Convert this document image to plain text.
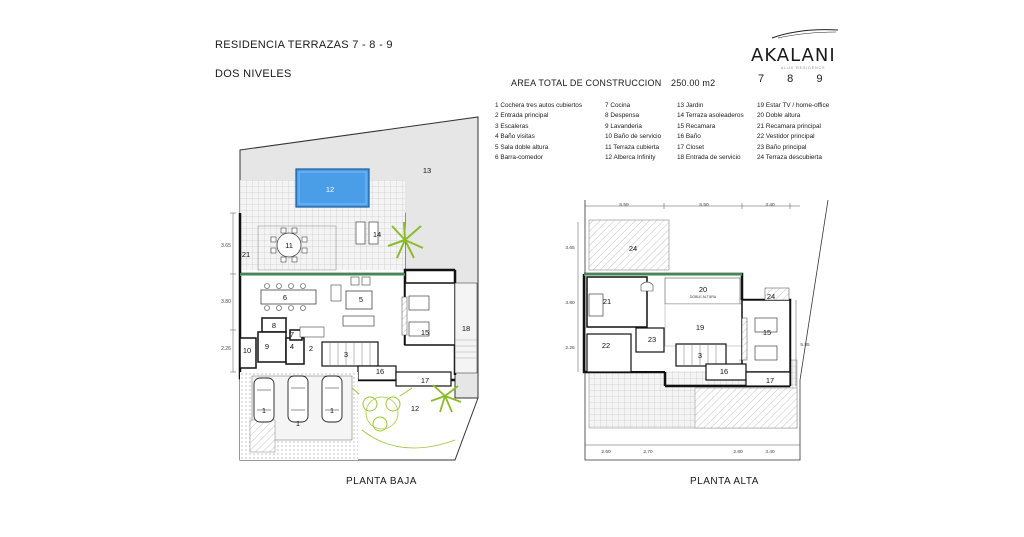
RESIDENCIA TERRAZAS 7 - 8 - 9
DOS NIVELES
AREA TOTAL DE CONSTRUCCION 250.00 m2
AKALANI
ALUX RESIDENCE
7 8 9
1 Cochera tres autos cubiertos
2 Entrada principal
3 Escaleras
4 Baño visitas
5 Sala doble altura
6 Barra-comedor
7 Cocina
8 Despensa
9 Lavanderia
10 Baño de servicio
11 Terraza cubierta
12 Alberca Infinity
13 Jardin
14 Terraza asoleaderos
15 Recamara
16 Baño
17 Closet
18 Entrada de servicio
19 Estar TV / home-office
20 Doble altura
21 Recamara principal
22 Vestidor principal
23 Baño principal
24 Terraza descubierta
13
12
11
14
21
6	5
8
7
9
10	4 2
3
15	18
16
17
1
1
1	12
3.65
3.80
2.26
24
21
20
24
19
15
23
22
3
16
17
DOBLE ALTURA
5.59	5.50	3.40
3.65
3.80
2.26
5.85
2.60	2.70	2.80	3.40
PLANTA BAJA	PLANTA ALTA
